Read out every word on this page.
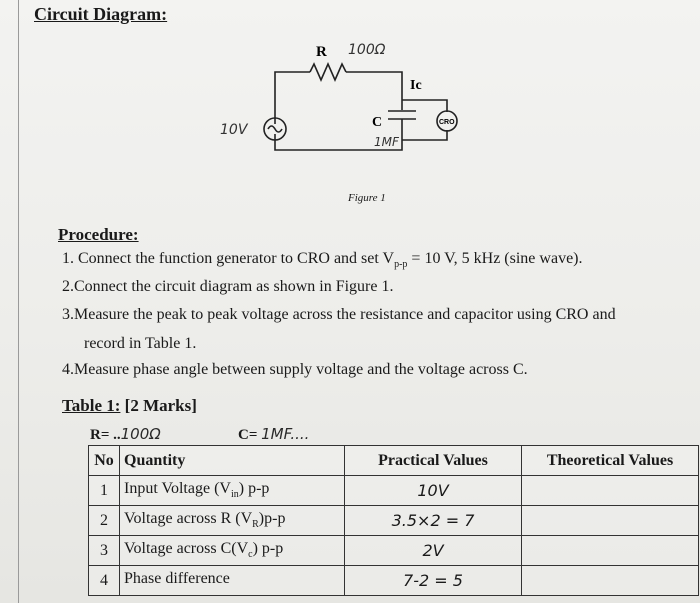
Circuit Diagram:
R 100Ω
Ic
10V	C
1MF
CRO
Figure 1
Procedure:
1. Connect the function generator to CRO and set $V_{p-p} = 10$ V, 5 kHz (sine wave).
2.Connect the circuit diagram as shown in Figure 1.
3.Measure the peak to peak voltage across the resistance and capacitor using CRO and
record in Table 1.
4.Measure phase angle between supply voltage and the voltage across C.
Table 1: [2 Marks]
R= ..100Ω	C= 1MF....
No	Quantity	Practical Values	Theoretical Values
1	Input Voltage $(V_{in})$ p-p	10V	
2	Voltage across R $(V_R)p-p$	3.5×2 = 7	
3	Voltage across $C(V_c)$ p-p	2V	
4	Phase difference	7-2 = 5	
